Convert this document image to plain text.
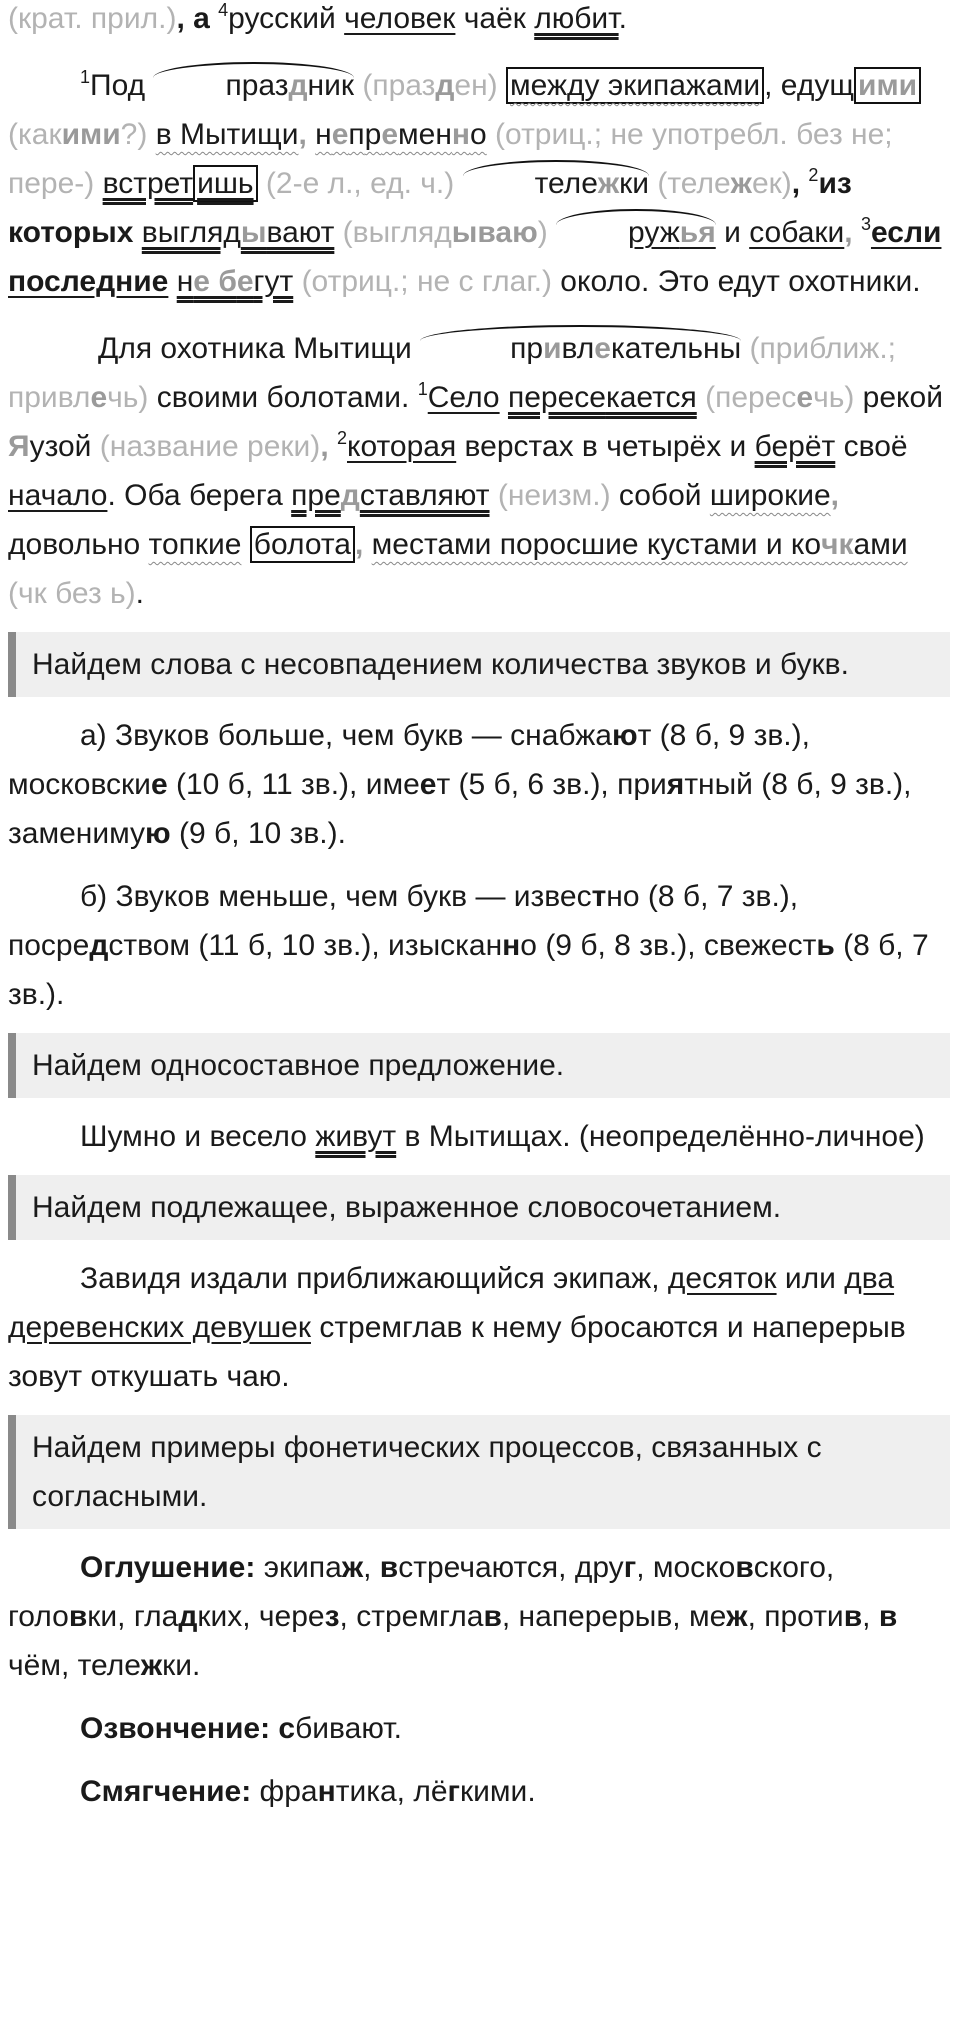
(крат. прил.), а $^4$русский человек чаёк любит.

$^1$Под праздник (празден) между экипажами , едущ ими (какими?) в Мытищи, непременно (отриц.; не употребл. без не; пере-) встрет ишь (2-е л., ед. ч.) тележки (тележек), $^2$из которых выглядывают (выглядываю) ружья и собаки, $^3$если последние не бегут (отриц.; не с глаг.) около. Это едут охотники.

Для охотника Мытищи	привлекательны (приближ.; привлечь) своими болотами. $^1$Село пересекается (пересечь) рекой Яузой (название реки), $^2$которая верстах в четырёх и берёт своё начало. Оба берега представляют (неизм.) собой широкие, довольно топкие болота , местами поросшие кустами и кочками (чк без ь).

Найдем слова с несовпадением количества звуков и букв.

а) Звуков больше, чем букв — снабжают (8 б, 9 зв.), московские (10 б, 11 зв.), имеет (5 б, 6 зв.), приятный (8 б, 9 зв.), заменимую (9 б, 10 зв.).

б) Звуков меньше, чем букв — известно (8 б, 7 зв.), посредством (11 б, 10 зв.), изысканно (9 б, 8 зв.), свежесть (8 б, 7 зв.).

Найдем односоставное предложение.

Шумно и весело живут в Мытищах. (неопределённо-личное)

Найдем подлежащее, выраженное словосочетанием.

Завидя издали приближающийся экипаж, десяток или два деревенских девушек стремглав к нему бросаются и наперерыв зовут откушать чаю.

Найдем примеры фонетических процессов, связанных с согласными.

Оглушение: экипаж, встречаются, друг, московского, головки, гладких, через, стремглав, наперерыв, меж, против, в чём, тележки.

Озвончение: сбивают.

Смягчение: франтика, лёгкими.
